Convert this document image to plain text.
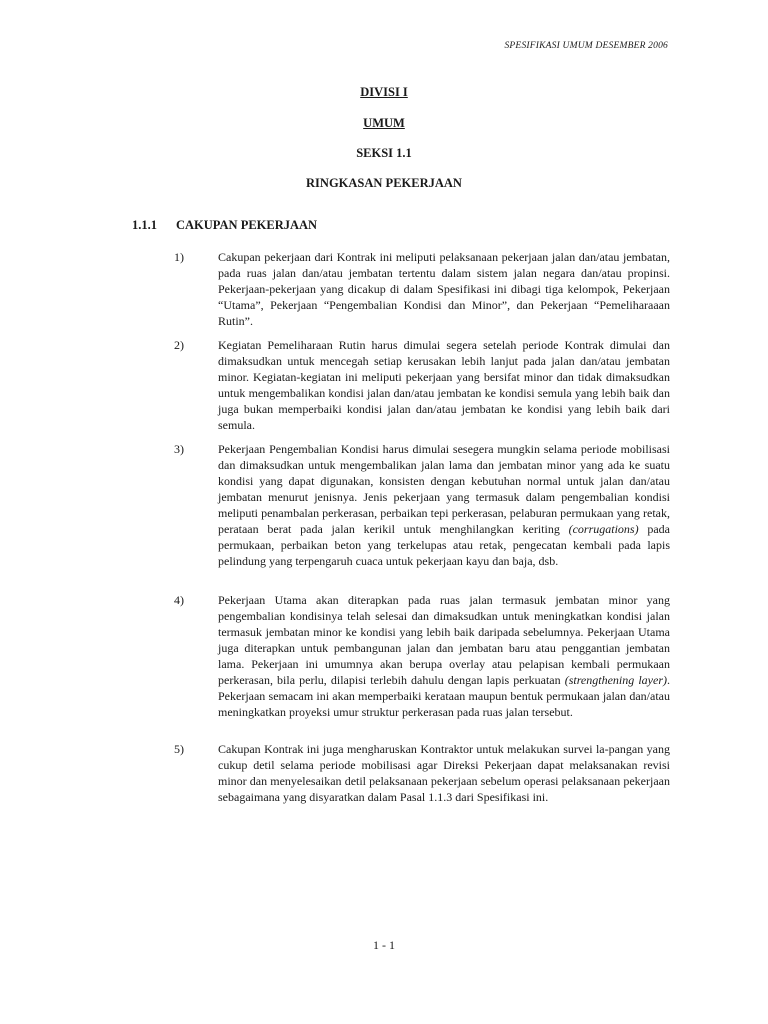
SPESIFIKASI UMUM DESEMBER 2006
DIVISI I
UMUM
SEKSI 1.1
RINGKASAN PEKERJAAN
1.1.1 CAKUPAN PEKERJAAN
1)	Cakupan pekerjaan dari Kontrak ini meliputi pelaksanaan pekerjaan jalan dan/atau jembatan, pada ruas jalan dan/atau jembatan tertentu dalam sistem jalan negara dan/atau propinsi. Pekerjaan-pekerjaan yang dicakup di dalam Spesifikasi ini dibagi tiga kelompok, Pekerjaan “Utama”, Pekerjaan “Pengembalian Kondisi dan Minor”, dan Pekerjaan “Pemeliharaaan Rutin”.
2)	Kegiatan Pemeliharaan Rutin harus dimulai segera setelah periode Kontrak dimulai dan dimaksudkan untuk mencegah setiap kerusakan lebih lanjut pada jalan dan/atau jembatan minor. Kegiatan-kegiatan ini meliputi pekerjaan yang bersifat minor dan tidak dimaksudkan untuk mengembalikan kondisi jalan dan/atau jembatan ke kondisi semula yang lebih baik dan juga bukan memperbaiki kondisi jalan dan/atau jembatan ke kondisi yang lebih baik dari semula.
3)	Pekerjaan Pengembalian Kondisi harus dimulai sesegera mungkin selama periode mobilisasi dan dimaksudkan untuk mengembalikan jalan lama dan jembatan minor yang ada ke suatu kondisi yang dapat digunakan, konsisten dengan kebutuhan normal untuk jalan dan/atau jembatan menurut jenisnya. Jenis pekerjaan yang termasuk dalam pengembalian kondisi meliputi penambalan perkerasan, perbaikan tepi perkerasan, pelaburan permukaan yang retak, perataan berat pada jalan kerikil untuk menghilangkan keriting (corrugations) pada permukaan, perbaikan beton yang terkelupas atau retak, pengecatan kembali pada lapis pelindung yang terpengaruh cuaca untuk pekerjaan kayu dan baja, dsb.
4)	Pekerjaan Utama akan diterapkan pada ruas jalan termasuk jembatan minor yang pengembalian kondisinya telah selesai dan dimaksudkan untuk meningkatkan kondisi jalan termasuk jembatan minor ke kondisi yang lebih baik daripada sebelumnya. Pekerjaan Utama juga diterapkan untuk pembangunan jalan dan jembatan baru atau penggantian jembatan lama. Pekerjaan ini umumnya akan berupa overlay atau pelapisan kembali permukaan perkerasan, bila perlu, dilapisi terlebih dahulu dengan lapis perkuatan (strengthening layer). Pekerjaan semacam ini akan memperbaiki kerataan maupun bentuk permukaan jalan dan/atau meningkatkan proyeksi umur struktur perkerasan pada ruas jalan tersebut.
5)	Cakupan Kontrak ini juga mengharuskan Kontraktor untuk melakukan survei la-pangan yang cukup detil selama periode mobilisasi agar Direksi Pekerjaan dapat melaksanakan revisi minor dan menyelesaikan detil pelaksanaan pekerjaan sebelum operasi pelaksanaan pekerjaan sebagaimana yang disyaratkan dalam Pasal 1.1.3 dari Spesifikasi ini.
1 - 1
